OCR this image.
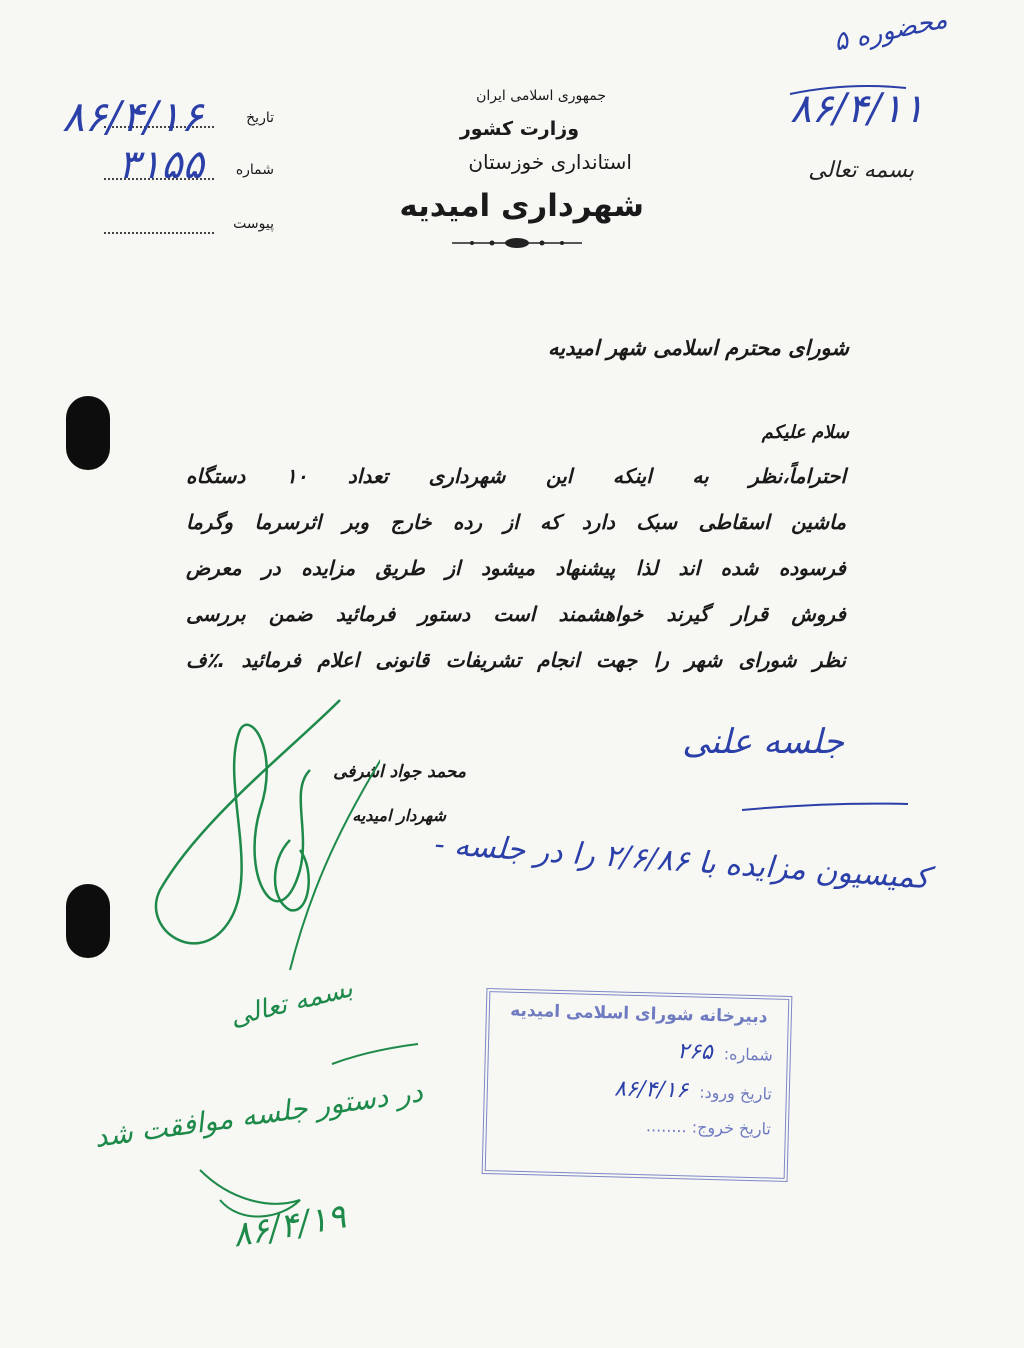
جمهوری اسلامی ایران
وزارت کشور
استانداری خوزستان
شهرداری امیدیه
تاریخ
شماره
پیوست
۸۶/۴/۱۶
۳۱۵۵
محضوره ۵
۸۶/۴/۱۱
بسمه تعالی
شورای محترم اسلامی شهر امیدیه
سلام علیکم
احتراماً،نظر به اینکه این شهرداری تعداد ۱۰ دستگاه
ماشین اسقاطی سبک دارد که از رده خارج وبر اثرسرما وگرما
فرسوده شده اند لذا پیشنهاد میشود از طریق مزایده در معرض
فروش قرار گیرند خواهشمند است دستور فرمائید ضمن بررسی
نظر شورای شهر را جهت انجام تشریفات قانونی اعلام فرمائید .٪ف
محمد جواد اشرفی
شهردار امیدیه
جلسه علنی
کمیسیون مزایده با ۲/۶/۸۶ را در جلسه -
بسمه تعالی
در دستور جلسه موافقت شد
۸۶/۴/۱۹
دبیرخانه شورای اسلامی امیدیه
شماره: ۲۶۵
تاریخ ورود: ۸۶/۴/۱۶
تاریخ خروج: ........
